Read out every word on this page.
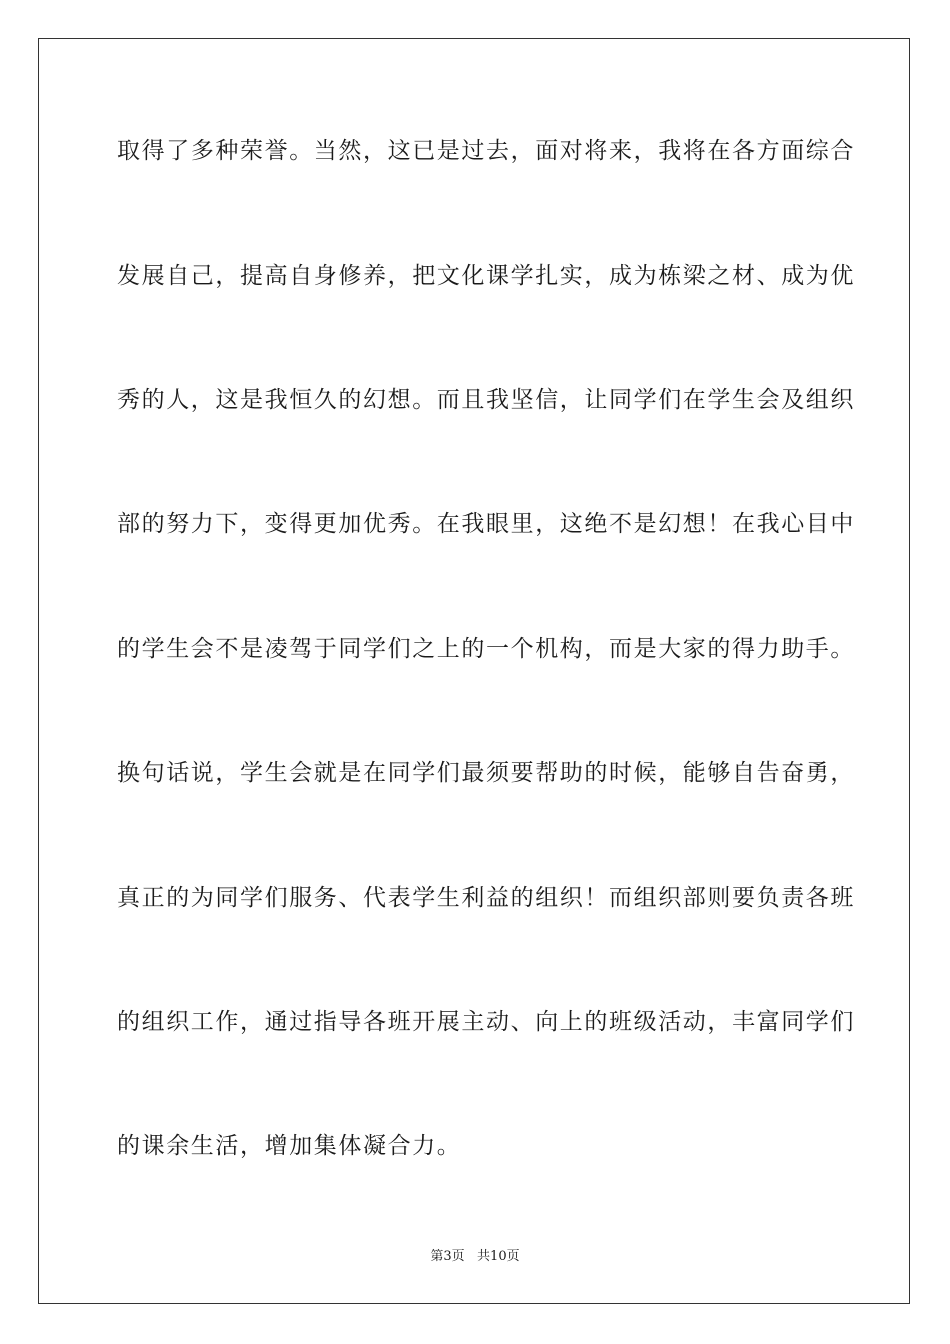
取得了多种荣誉。当然，这已是过去，面对将来，我将在各方面综合
发展自己，提高自身修养，把文化课学扎实，成为栋梁之材、成为优
秀的人，这是我恒久的幻想。而且我坚信，让同学们在学生会及组织
部的努力下，变得更加优秀。在我眼里，这绝不是幻想！在我心目中
的学生会不是凌驾于同学们之上的一个机构，而是大家的得力助手。
换句话说，学生会就是在同学们最须要帮助的时候，能够自告奋勇，
真正的为同学们服务、代表学生利益的组织！而组织部则要负责各班
的组织工作，通过指导各班开展主动、向上的班级活动，丰富同学们
的课余生活，增加集体凝合力。
第3页   共10页
